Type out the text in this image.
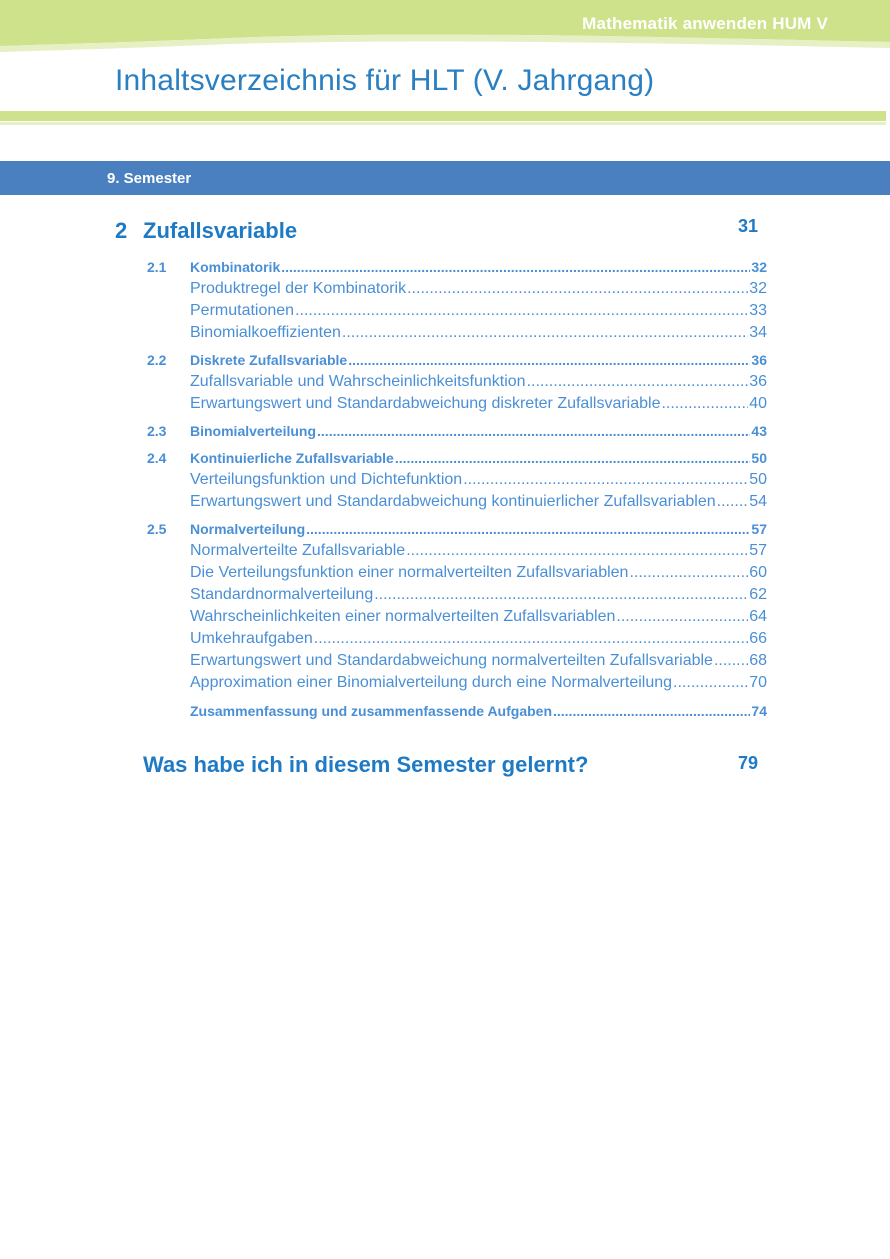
Mathematik anwenden HUM V
Inhaltsverzeichnis für HLT (V. Jahrgang)
9. Semester
2 Zufallsvariable	31
2.1	Kombinatorik .....	32
Produktregel der Kombinatorik .....	32
Permutationen .....	33
Binomialkoeffizienten .....	34
2.2	Diskrete Zufallsvariable .....	36
Zufallsvariable und Wahrscheinlichkeitsfunktion .....	36
Erwartungswert und Standardabweichung diskreter Zufallsvariable .....	40
2.3	Binomialverteilung .....	43
2.4	Kontinuierliche Zufallsvariable .....	50
Verteilungsfunktion und Dichtefunktion .....	50
Erwartungswert und Standardabweichung kontinuierlicher Zufallsvariablen ..... 54
2.5	Normalverteilung .....	57
Normalverteilte Zufallsvariable .....	57
Die Verteilungsfunktion einer normalverteilten Zufallsvariablen .....	60
Standardnormalverteilung .....	62
Wahrscheinlichkeiten einer normalverteilten Zufallsvariablen .....	64
Umkehraufgaben .....	66
Erwartungswert und Standardabweichung normalverteilten Zufallsvariable ..... 68
Approximation einer Binomialverteilung durch eine Normalverteilung .....	70
Zusammenfassung und zusammenfassende Aufgaben .....	74
Was habe ich in diesem Semester gelernt?	79
